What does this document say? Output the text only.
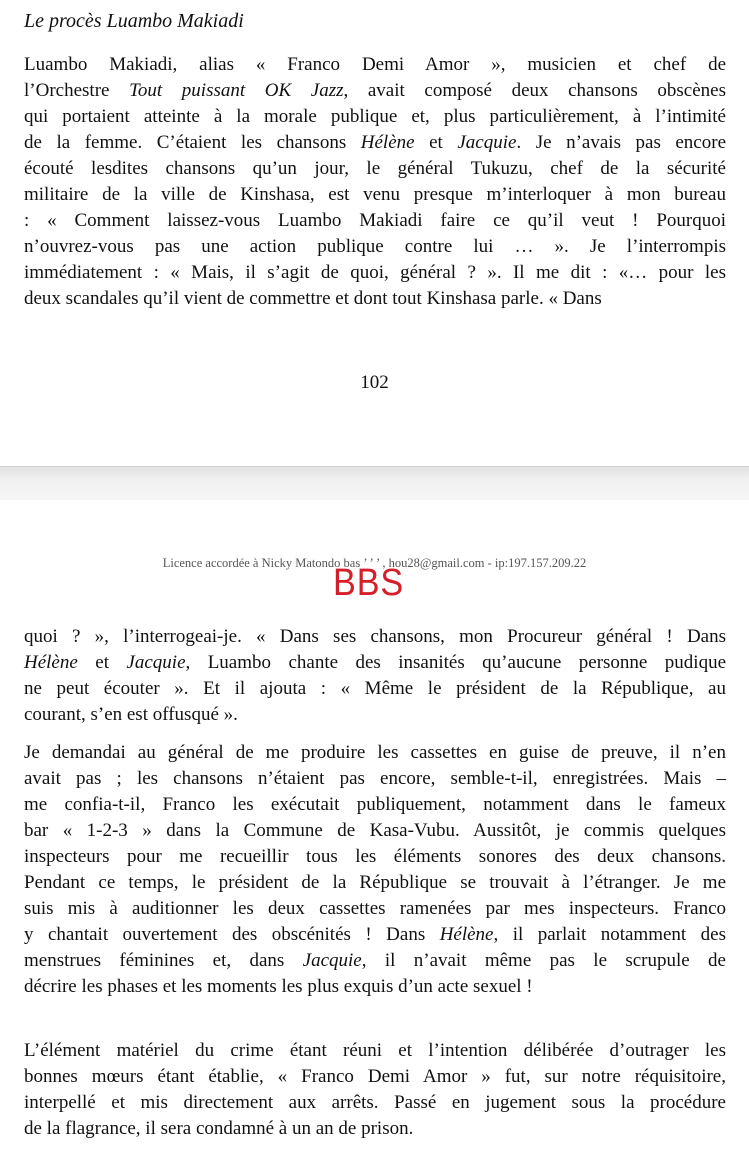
Le procès Luambo Makiadi
Luambo Makiadi, alias « Franco Demi Amor », musicien et chef de
l’Orchestre Tout puissant OK Jazz, avait composé deux chansons obscènes
qui portaient atteinte à la morale publique et, plus particulièrement, à l’intimité
de la femme. C’étaient les chansons Hélène et Jacquie. Je n’avais pas encore
écouté lesdites chansons qu’un jour, le général Tukuzu, chef de la sécurité
militaire de la ville de Kinshasa, est venu presque m’interloquer à mon bureau
: « Comment laissez-vous Luambo Makiadi faire ce qu’il veut ! Pourquoi
n’ouvrez-vous pas une action publique contre lui … ». Je l’interrompis
immédiatement : « Mais, il s’agit de quoi, général ? ». Il me dit : «… pour les
deux scandales qu’il vient de commettre et dont tout Kinshasa parle. « Dans
102
Licence accordée à Nicky Matondo bas ’ ’ ’ , hou28@gmail.com - ip:197.157.209.22
BBS
quoi ? », l’interrogeai-je. « Dans ses chansons, mon Procureur général ! Dans
Hélène et Jacquie, Luambo chante des insanités qu’aucune personne pudique
ne peut écouter ». Et il ajouta : « Même le président de la République, au
courant, s’en est offusqué ».
Je demandai au général de me produire les cassettes en guise de preuve, il n’en
avait pas ; les chansons n’étaient pas encore, semble-t-il, enregistrées. Mais –
me confia-t-il, Franco les exécutait publiquement, notamment dans le fameux
bar « 1-2-3 » dans la Commune de Kasa-Vubu. Aussitôt, je commis quelques
inspecteurs pour me recueillir tous les éléments sonores des deux chansons.
Pendant ce temps, le président de la République se trouvait à l’étranger. Je me
suis mis à auditionner les deux cassettes ramenées par mes inspecteurs. Franco
y chantait ouvertement des obscénités ! Dans Hélène, il parlait notamment des
menstrues féminines et, dans Jacquie, il n’avait même pas le scrupule de
décrire les phases et les moments les plus exquis d’un acte sexuel !
L’élément matériel du crime étant réuni et l’intention délibérée d’outrager les
bonnes mœurs étant établie, « Franco Demi Amor » fut, sur notre réquisitoire,
interpellé et mis directement aux arrêts. Passé en jugement sous la procédure
de la flagrance, il sera condamné à un an de prison.
